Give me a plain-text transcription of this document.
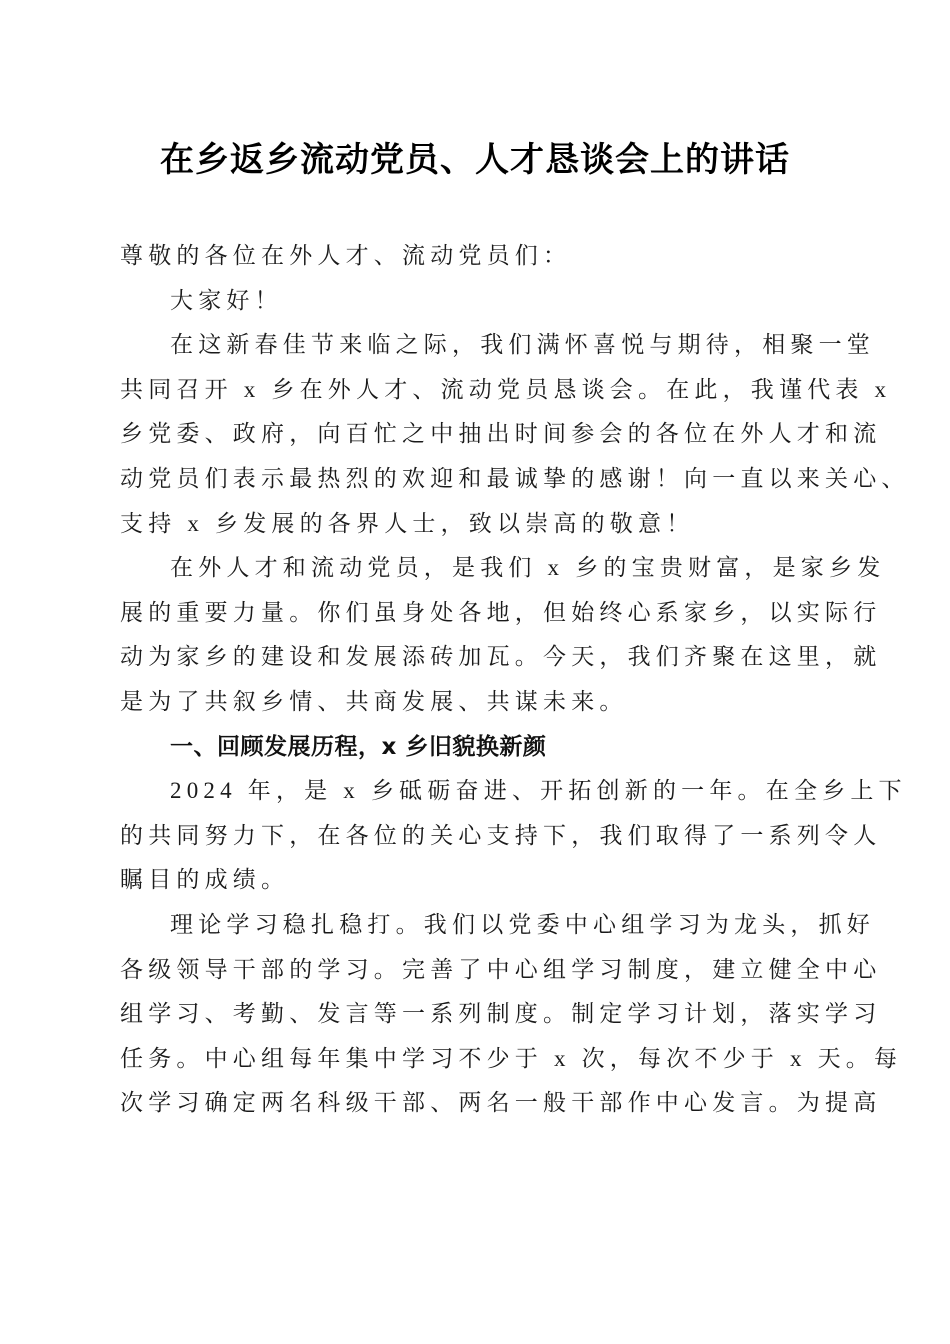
在乡返乡流动党员、人才恳谈会上的讲话
尊敬的各位在外人才、流动党员们：
大家好！
在这新春佳节来临之际，我们满怀喜悦与期待，相聚一堂
共同召开 x 乡在外人才、流动党员恳谈会。在此，我谨代表 x
乡党委、政府，向百忙之中抽出时间参会的各位在外人才和流
动党员们表示最热烈的欢迎和最诚挚的感谢！向一直以来关心、
支持 x 乡发展的各界人士，致以崇高的敬意！
在外人才和流动党员，是我们 x 乡的宝贵财富，是家乡发
展的重要力量。你们虽身处各地，但始终心系家乡，以实际行
动为家乡的建设和发展添砖加瓦。今天，我们齐聚在这里，就
是为了共叙乡情、共商发展、共谋未来。
一、回顾发展历程，x 乡旧貌换新颜
2024 年，是 x 乡砥砺奋进、开拓创新的一年。在全乡上下
的共同努力下，在各位的关心支持下，我们取得了一系列令人
瞩目的成绩。
理论学习稳扎稳打。我们以党委中心组学习为龙头，抓好
各级领导干部的学习。完善了中心组学习制度，建立健全中心
组学习、考勤、发言等一系列制度。制定学习计划，落实学习
任务。中心组每年集中学习不少于 x 次，每次不少于 x 天。每
次学习确定两名科级干部、两名一般干部作中心发言。为提高
